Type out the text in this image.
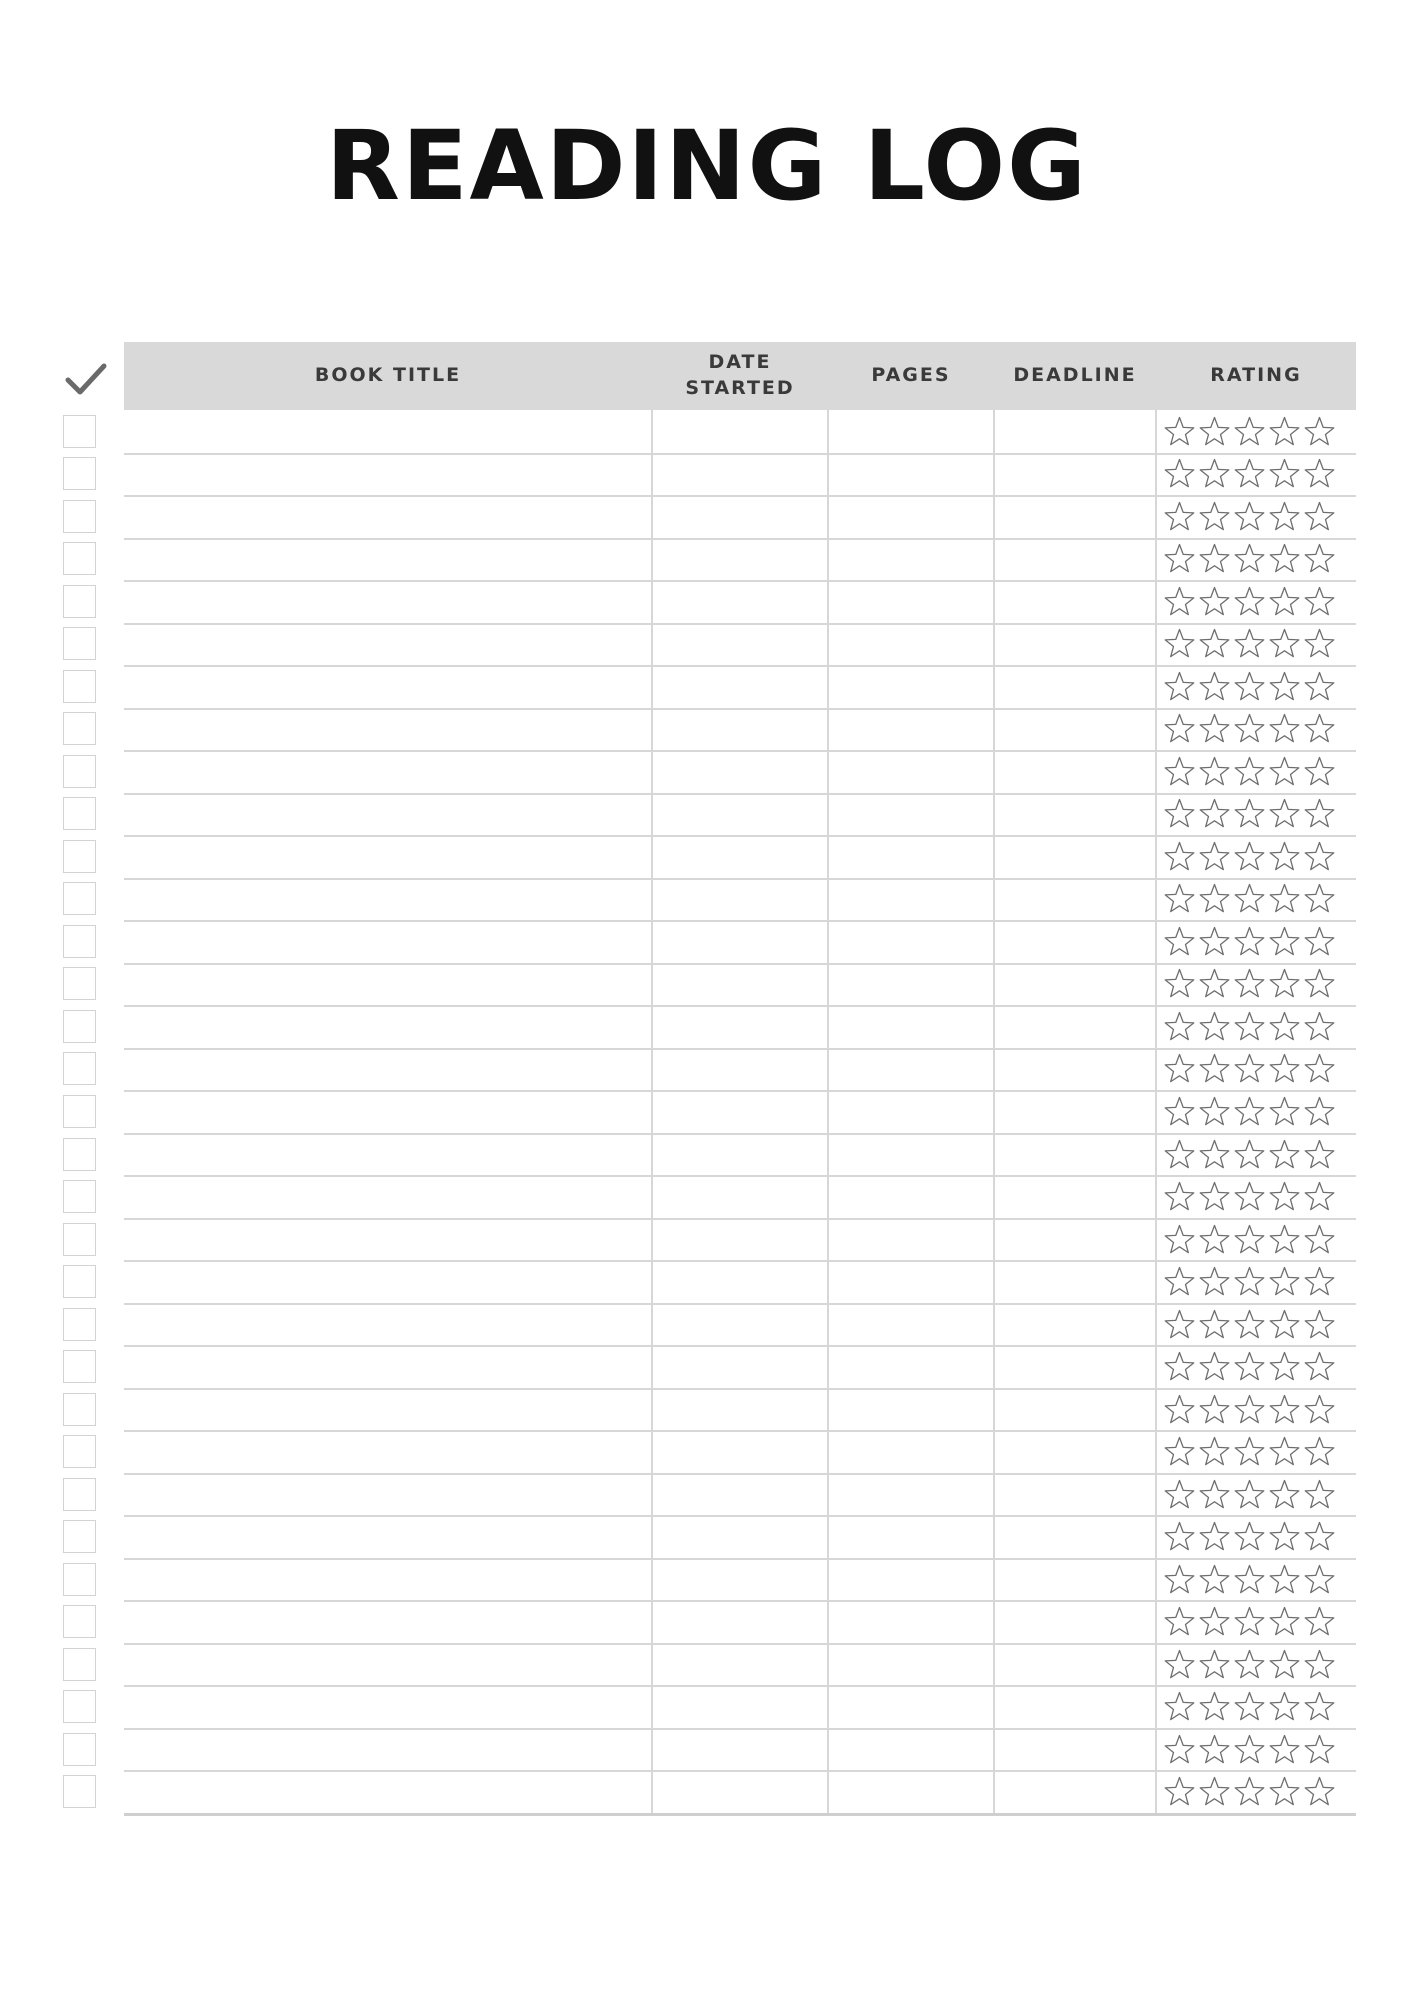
READING LOG
BOOK TITLE
DATE
STARTED
PAGES	DEADLINE	RATING
